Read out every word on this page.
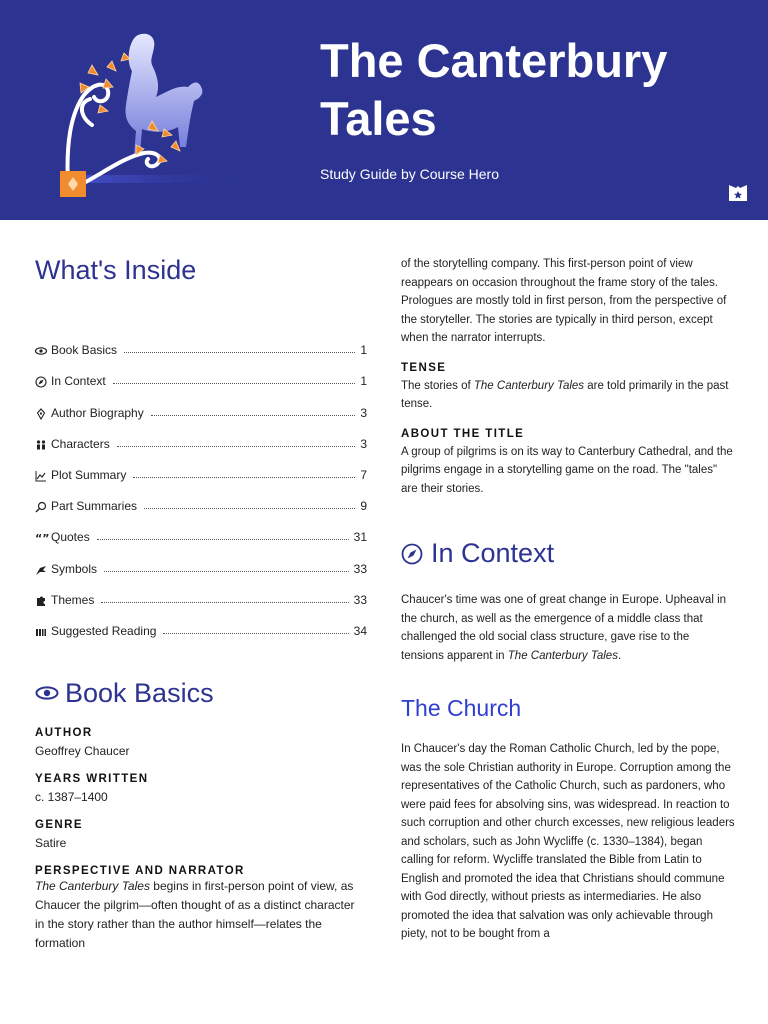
The Canterbury Tales
Study Guide by Course Hero
What's Inside
Book Basics	1
In Context	1
Author Biography	3
Characters	3
Plot Summary	7
Part Summaries	9
“” Quotes	31
Symbols	33
Themes	33
Suggested Reading	34
Book Basics

AUTHOR

Geoffrey Chaucer

YEARS WRITTEN

c. 1387–1400

GENRE

Satire

PERSPECTIVE AND NARRATOR

The Canterbury Tales begins in first-person point of view, as Chaucer the pilgrim—often thought of as a distinct character in the story rather than the author himself—relates the formation

of the storytelling company. This first-person point of view reappears on occasion throughout the frame story of the tales. Prologues are mostly told in first person, from the perspective of the storyteller. The stories are typically in third person, except when the narrator interrupts.

TENSE

The stories of The Canterbury Tales are told primarily in the past tense.

ABOUT THE TITLE

A group of pilgrims is on its way to Canterbury Cathedral, and the pilgrims engage in a storytelling game on the road. The "tales" are their stories.

In Context

Chaucer's time was one of great change in Europe. Upheaval in the church, as well as the emergence of a middle class that challenged the old social class structure, gave rise to the tensions apparent in The Canterbury Tales.

The Church

In Chaucer's day the Roman Catholic Church, led by the pope, was the sole Christian authority in Europe. Corruption among the representatives of the Catholic Church, such as pardoners, who were paid fees for absolving sins, was widespread. In reaction to such corruption and other church excesses, new religious leaders and scholars, such as John Wycliffe (c. 1330–1384), began calling for reform. Wycliffe translated the Bible from Latin to English and promoted the idea that Christians should commune with God directly, without priests as intermediaries. He also promoted the idea that salvation was only achievable through piety, not to be bought from a
